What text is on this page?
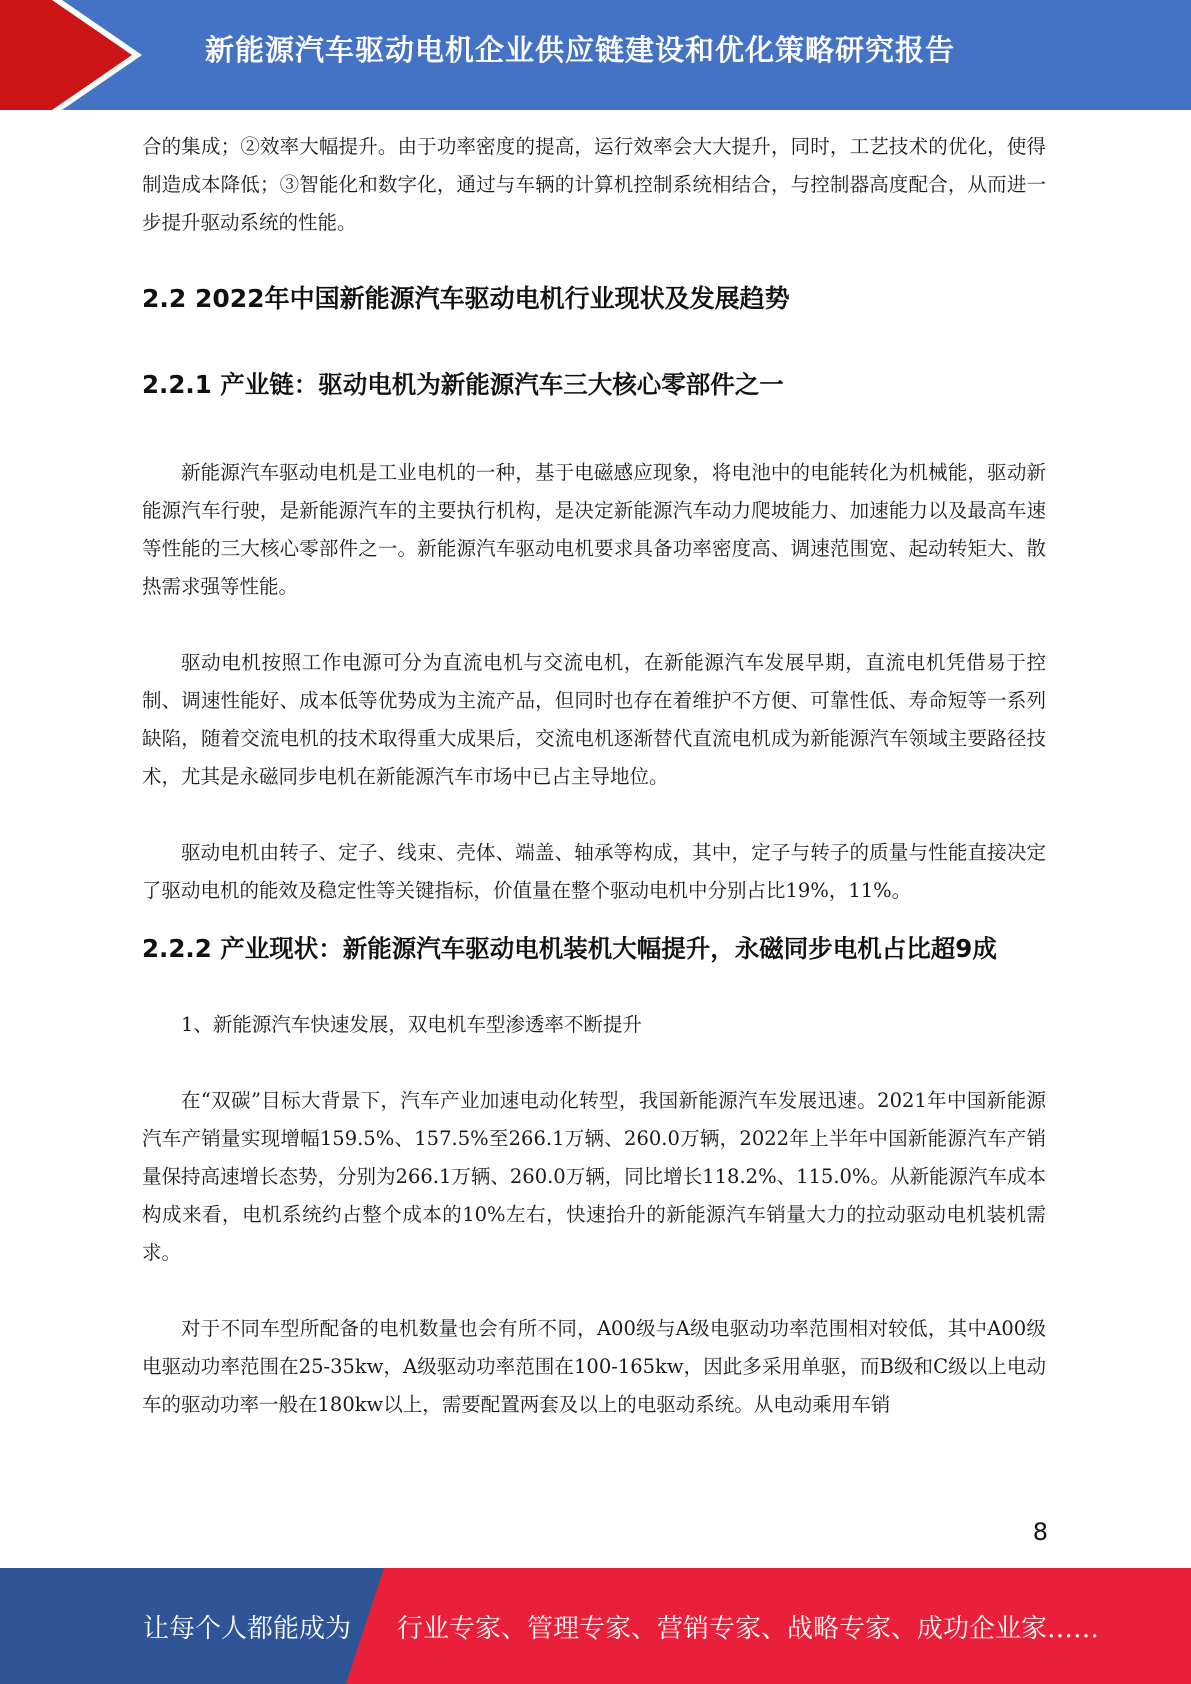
新能源汽车驱动电机企业供应链建设和优化策略研究报告

合的集成；②效率大幅提升。由于功率密度的提高，运行效率会大大提升，同时，工艺技术的优化，使得制造成本降低；③智能化和数字化，通过与车辆的计算机控制系统相结合，与控制器高度配合，从而进一步提升驱动系统的性能。

2.2 2022年中国新能源汽车驱动电机行业现状及发展趋势
2.2.1 产业链：驱动电机为新能源汽车三大核心零部件之一

新能源汽车驱动电机是工业电机的一种，基于电磁感应现象，将电池中的电能转化为机械能，驱动新能源汽车行驶，是新能源汽车的主要执行机构，是决定新能源汽车动力爬坡能力、加速能力以及最高车速等性能的三大核心零部件之一。新能源汽车驱动电机要求具备功率密度高、调速范围宽、起动转矩大、散热需求强等性能。

驱动电机按照工作电源可分为直流电机与交流电机，在新能源汽车发展早期，直流电机凭借易于控制、调速性能好、成本低等优势成为主流产品，但同时也存在着维护不方便、可靠性低、寿命短等一系列缺陷，随着交流电机的技术取得重大成果后，交流电机逐渐替代直流电机成为新能源汽车领域主要路径技术，尤其是永磁同步电机在新能源汽车市场中已占主导地位。

驱动电机由转子、定子、线束、壳体、端盖、轴承等构成，其中，定子与转子的质量与性能直接决定了驱动电机的能效及稳定性等关键指标，价值量在整个驱动电机中分别占比19%，11%。

2.2.2 产业现状：新能源汽车驱动电机装机大幅提升，永磁同步电机占比超9成

1、新能源汽车快速发展，双电机车型渗透率不断提升

在“双碳”目标大背景下，汽车产业加速电动化转型，我国新能源汽车发展迅速。2021年中国新能源汽车产销量实现增幅159.5%、157.5%至266.1万辆、260.0万辆，2022年上半年中国新能源汽车产销量保持高速增长态势，分别为266.1万辆、260.0万辆，同比增长118.2%、115.0%。从新能源汽车成本构成来看，电机系统约占整个成本的10%左右，快速抬升的新能源汽车销量大力的拉动驱动电机装机需求。

对于不同车型所配备的电机数量也会有所不同，A00级与A级电驱动功率范围相对较低，其中A00级电驱动功率范围在25-35kw，A级驱动功率范围在100-165kw，因此多采用单驱，而B级和C级以上电动车的驱动功率一般在180kw以上，需要配置两套及以上的电驱动系统。从电动乘用车销

8
让每个人都能成为 行业专家、管理专家、营销专家、战略专家、成功企业家……
